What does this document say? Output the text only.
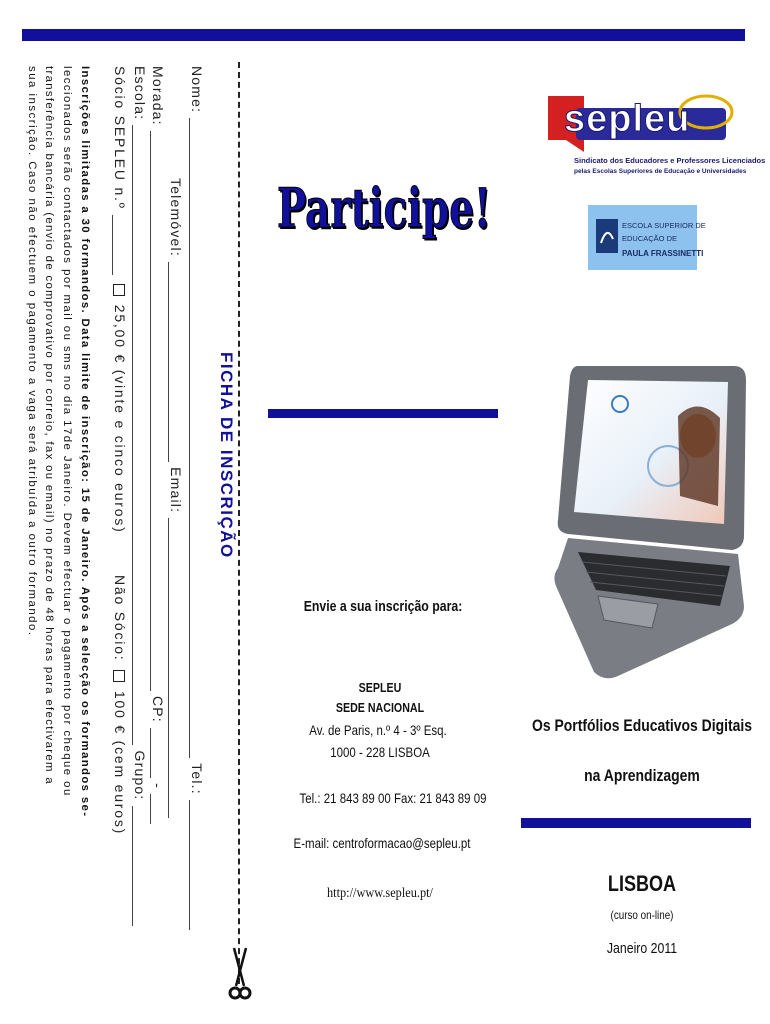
FICHA DE INSCRIÇÃO
Nome:  Tel.:
Telemóvel:  Email:
Morada:  CP:  -
Escola:  Grupo:
Sócio SEPLEU n.º   25,00 € (vinte e cinco euros)  Não Sócio:  100 € (cem euros)
Inscrições limitadas a 30 formandos. Data limite de inscrição: 15 de Janeiro. Após a selecção os formandos se-
leccionados serão contactados por mail ou sms no dia 17de Janeiro. Devem efectuar o pagamento por cheque ou
transferência bancária (envio de comprovativo por correio, fax ou email) no prazo de 48 horas para efectivarem a
sua inscrição. Caso não efectuem o pagamento a vaga será atribuída a outro formando.	Participe!
Envie a sua inscrição para:
SEPLEU
SEDE NACIONAL
Av. de Paris, n.º 4 - 3º Esq.
1000 - 228 LISBOA
Tel.: 21 843 89 00 Fax: 21 843 89 09
E-mail: centroformacao@sepleu.pt
http://www.sepleu.pt/
sepleu
Sindicato dos Educadores e Professores Licenciados
pelas Escolas Superiores de Educação e Universidades
ESCOLA SUPERIOR DE
EDUCAÇÃO DE
PAULA FRASSINETTI
Os Portfólios Educativos Digitais
na Aprendizagem
LISBOA
(curso on-line)
Janeiro 2011
